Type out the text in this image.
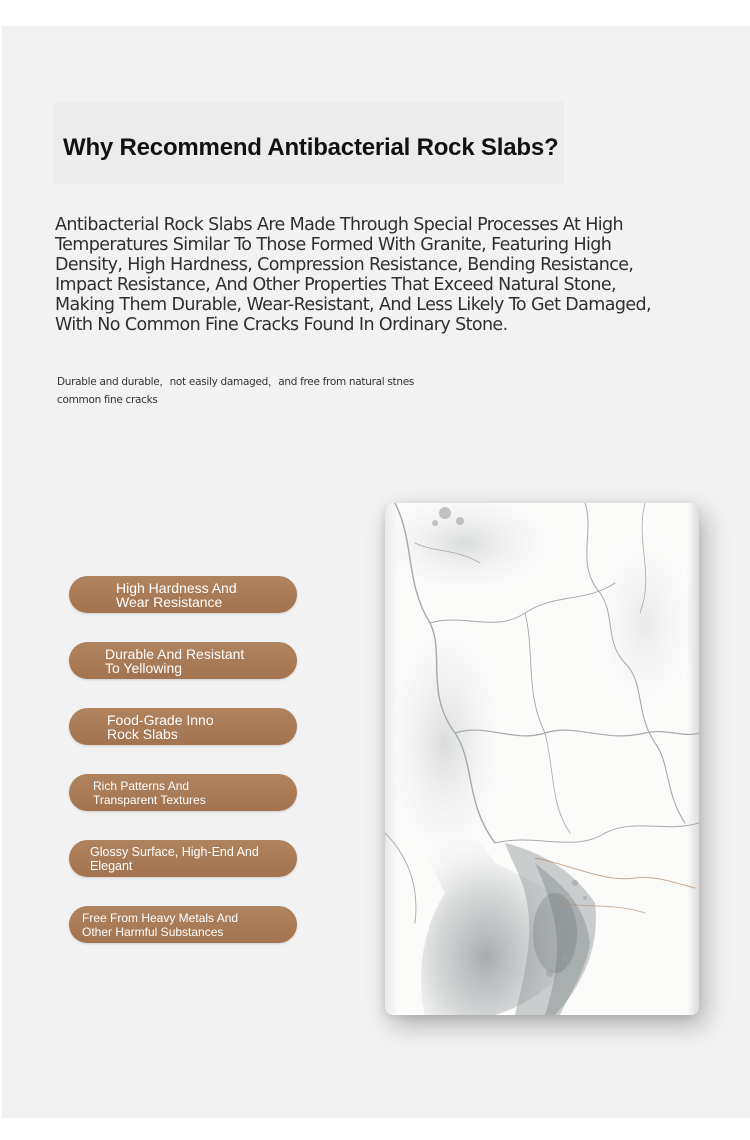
Why Recommend Antibacterial Rock Slabs?

Antibacterial Rock Slabs Are Made Through Special Processes At High Temperatures Similar To Those Formed With Granite, Featuring High Density, High Hardness, Compression Resistance, Bending Resistance, Impact Resistance, And Other Properties That Exceed Natural Stone, Making Them Durable, Wear-Resistant, And Less Likely To Get Damaged, With No Common Fine Cracks Found In Ordinary Stone.

Durable and durable，not easily damaged，and free from natural stnes
common fine cracks

High Hardness And
Wear Resistance
Durable And Resistant
To Yellowing
Food-Grade Inno
Rock Slabs
Rich Patterns And
Transparent Textures
Glossy Surface, High-End And
Elegant
Free From Heavy Metals And
Other Harmful Substances
